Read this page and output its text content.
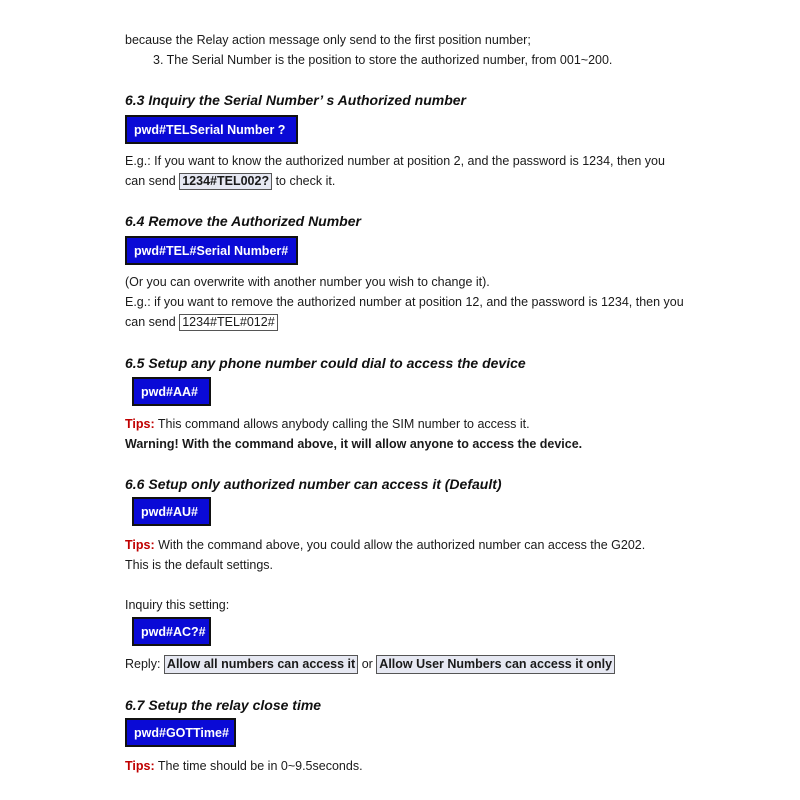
because the Relay action message only send to the first position number;
3. The Serial Number is the position to store the authorized number, from 001~200.
6.3 Inquiry the Serial Number’ s Authorized number
pwd#TELSerial Number ?
E.g.: If you want to know the authorized number at position 2, and the password is 1234, then you
can send 1234#TEL002? to check it.
6.4 Remove the Authorized Number
pwd#TEL#Serial Number#
(Or you can overwrite with another number you wish to change it).
E.g.: if you want to remove the authorized number at position 12, and the password is 1234, then you
can send 1234#TEL#012#
6.5 Setup any phone number could dial to access the device
pwd#AA#
Tips: This command allows anybody calling the SIM number to access it.
Warning! With the command above, it will allow anyone to access the device.
6.6 Setup only authorized number can access it (Default)
pwd#AU#
Tips: With the command above, you could allow the authorized number can access the G202.
This is the default settings.
Inquiry this setting:
pwd#AC?#
Reply: Allow all numbers can access it or Allow User Numbers can access it only
6.7 Setup the relay close time
pwd#GOTTime#
Tips: The time should be in 0~9.5seconds.
